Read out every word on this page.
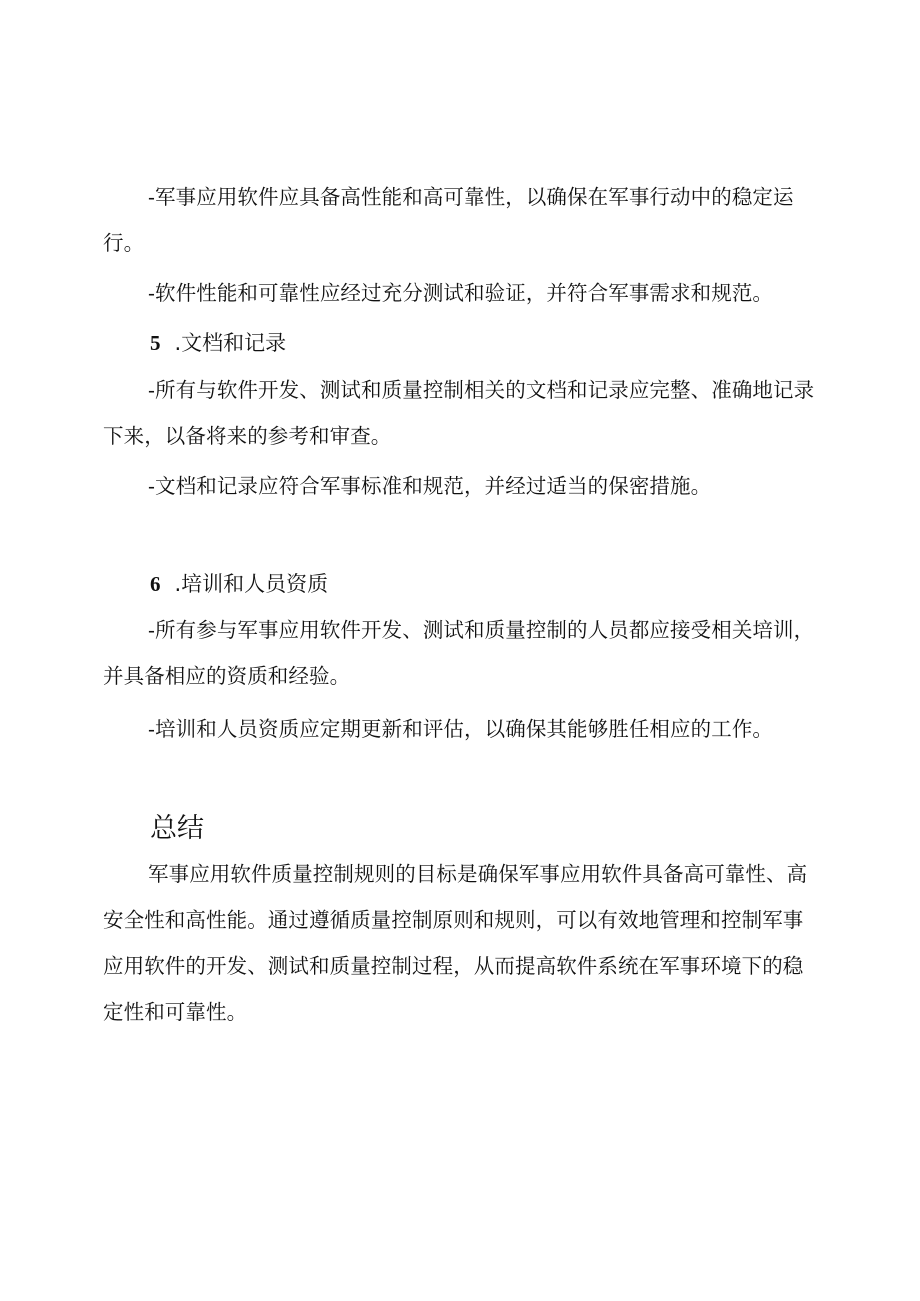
-军事应用软件应具备高性能和高可靠性，以确保在军事行动中的稳定运行。

-软件性能和可靠性应经过充分测试和验证，并符合军事需求和规范。

5 .文档和记录

-所有与软件开发、测试和质量控制相关的文档和记录应完整、准确地记录下来，以备将来的参考和审查。

-文档和记录应符合军事标准和规范，并经过适当的保密措施。

6 .培训和人员资质

-所有参与军事应用软件开发、测试和质量控制的人员都应接受相关培训，并具备相应的资质和经验。

-培训和人员资质应定期更新和评估，以确保其能够胜任相应的工作。

总结

军事应用软件质量控制规则的目标是确保军事应用软件具备高可靠性、高安全性和高性能。通过遵循质量控制原则和规则，可以有效地管理和控制军事应用软件的开发、测试和质量控制过程，从而提高软件系统在军事环境下的稳定性和可靠性。
